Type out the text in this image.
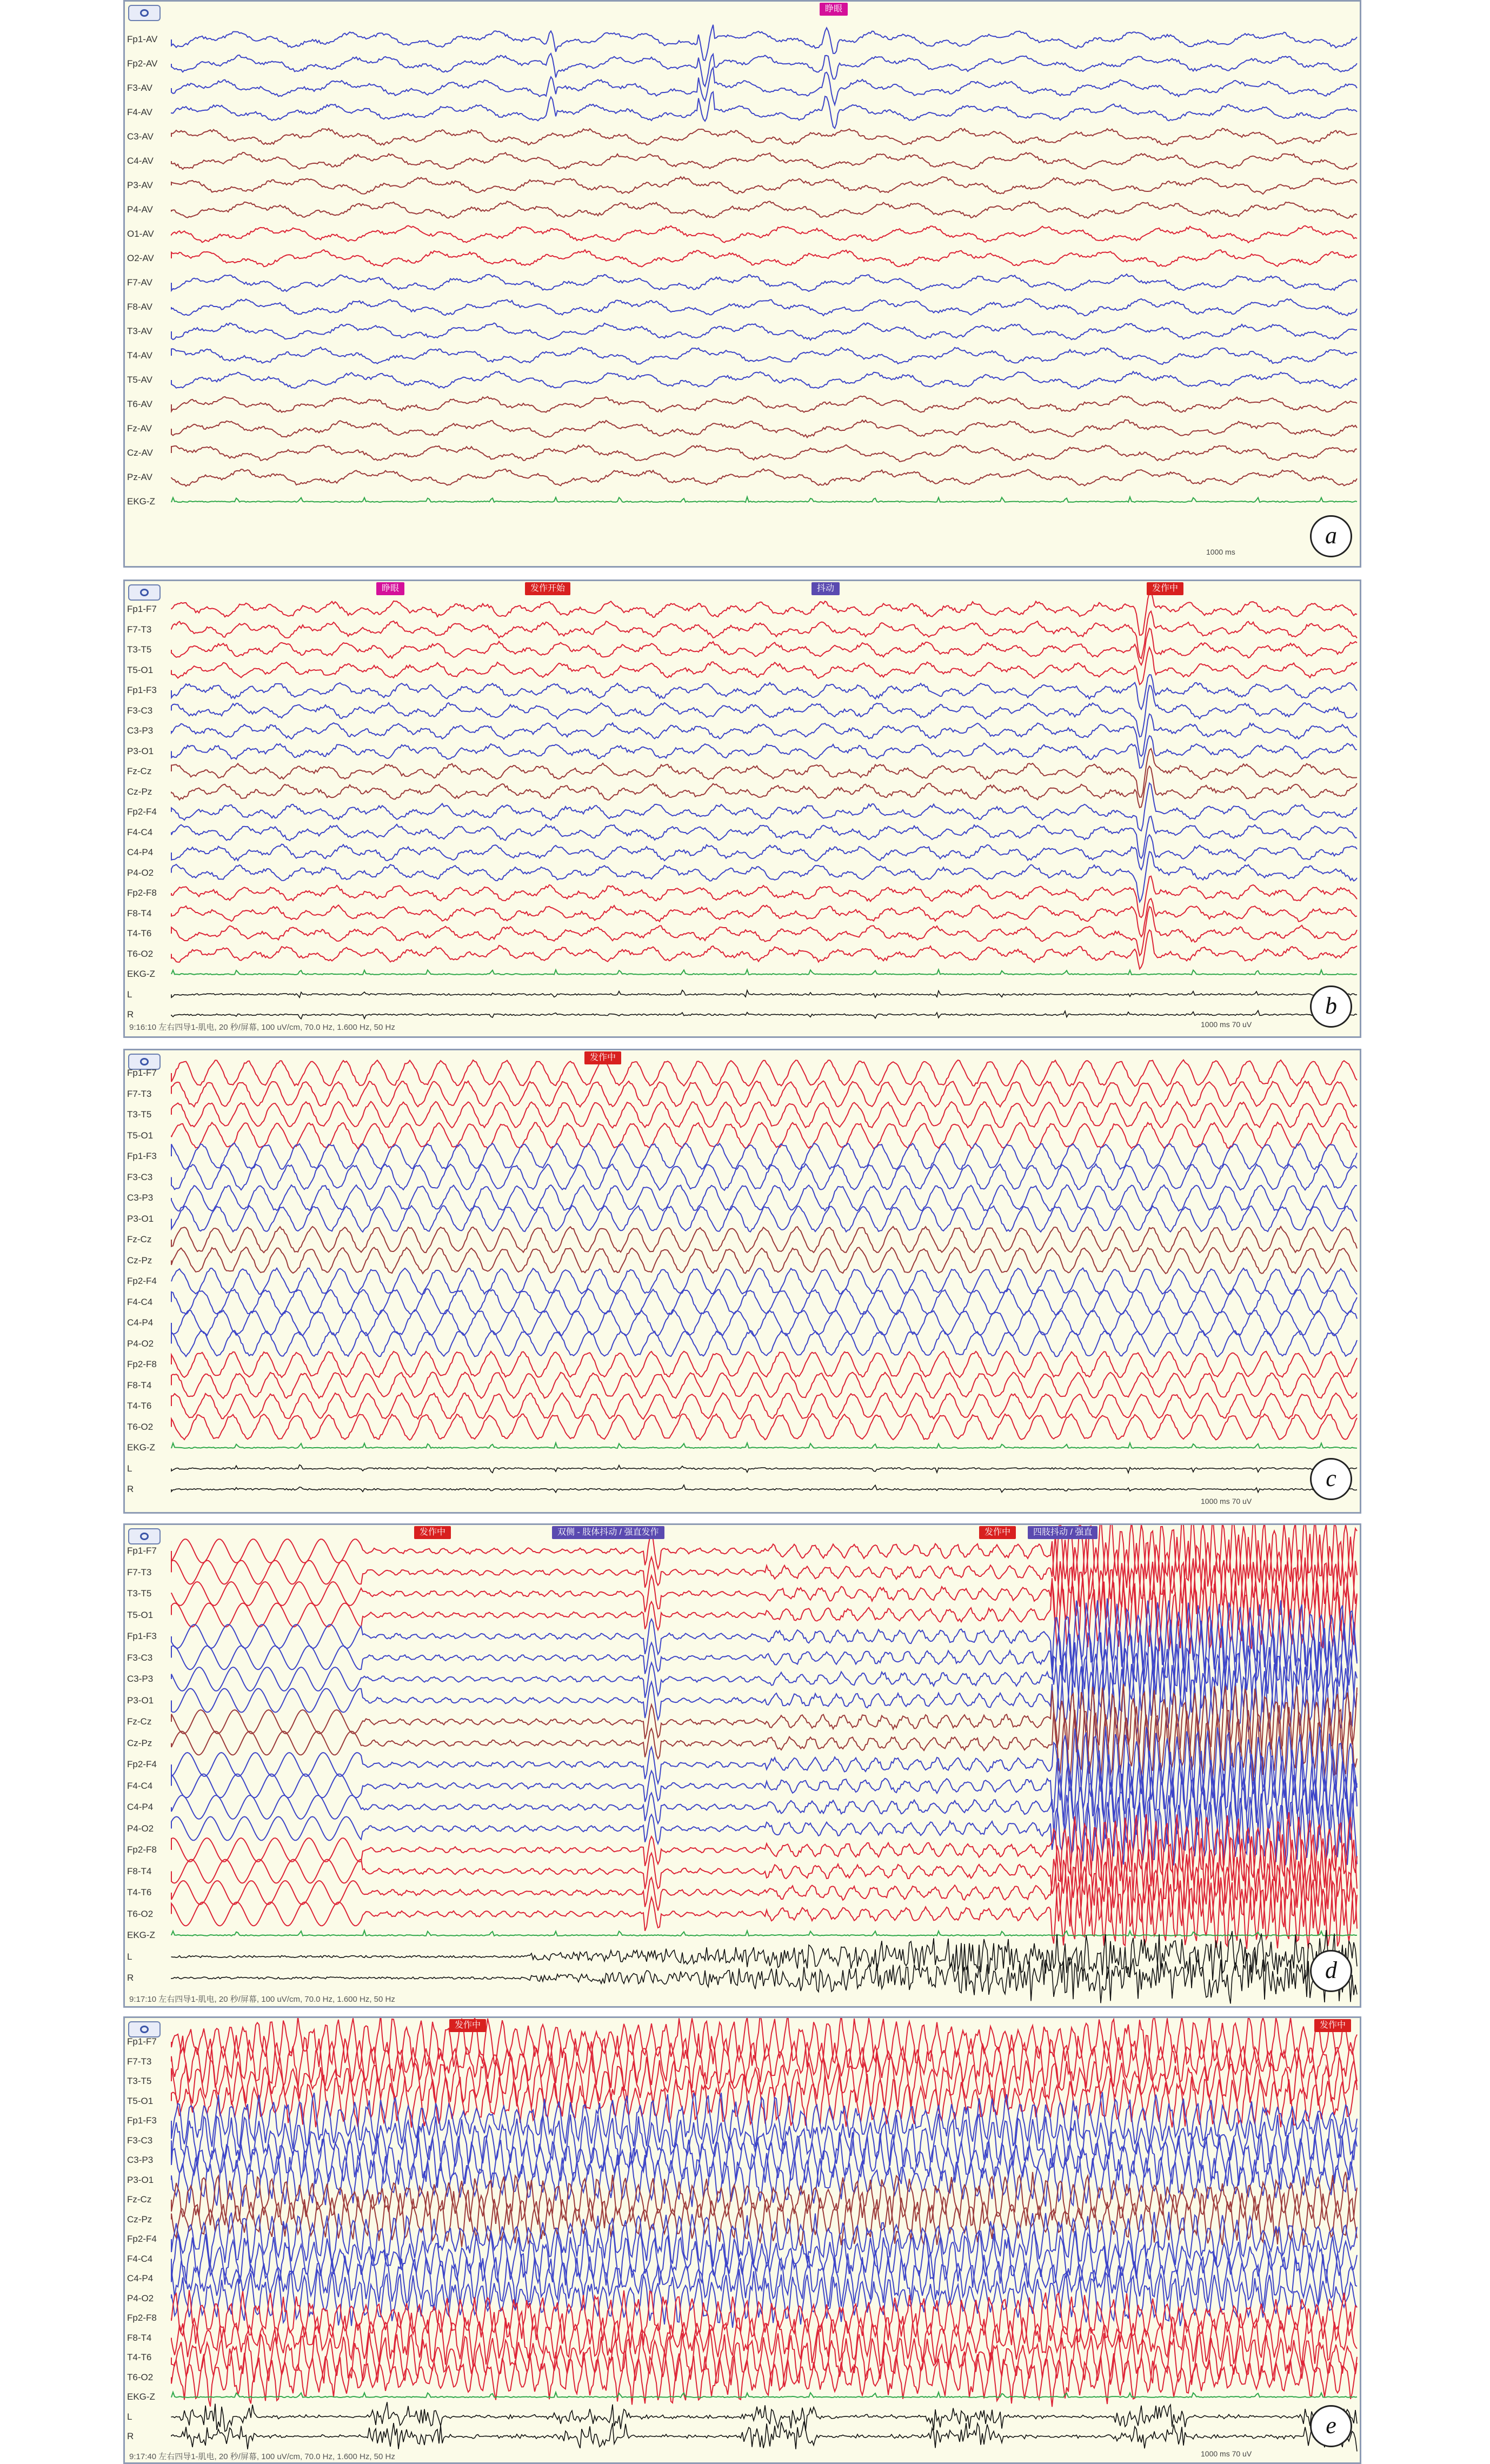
Fp1-AV
Fp2-AV
F3-AV
F4-AV
C3-AV
C4-AV
P3-AV
P4-AV
O1-AV
O2-AV
F7-AV
F8-AV
T3-AV
T4-AV
T5-AV
T6-AV
Fz-AV
Cz-AV
Pz-AV
EKG-Z
睁眼
1000 ms
a
Fp1-F7
F7-T3
T3-T5
T5-O1
Fp1-F3
F3-C3
C3-P3
P3-O1
Fz-Cz
Cz-Pz
Fp2-F4
F4-C4
C4-P4
P4-O2
Fp2-F8
F8-T4
T4-T6
T6-O2
EKG-Z
L
R
睁眼	发作开始	抖动	发作中
9:16:10 左右四导1-肌电, 20 秒/屏幕, 100 uV/cm, 70.0 Hz, 1.600 Hz, 50 Hz	1000 ms 70 uV
b
Fp1-F7
F7-T3
T3-T5
T5-O1
Fp1-F3
F3-C3
C3-P3
P3-O1
Fz-Cz
Cz-Pz
Fp2-F4
F4-C4
C4-P4
P4-O2
Fp2-F8
F8-T4
T4-T6
T6-O2
EKG-Z
L
R
发作中
1000 ms 70 uV
c
Fp1-F7
F7-T3
T3-T5
T5-O1
Fp1-F3
F3-C3
C3-P3
P3-O1
Fz-Cz
Cz-Pz
Fp2-F4
F4-C4
C4-P4
P4-O2
Fp2-F8
F8-T4
T4-T6
T6-O2
EKG-Z
L
R
发作中	双侧 - 肢体抖动 / 强直发作	发作中	四肢抖动 / 强直
9:17:10 左右四导1-肌电, 20 秒/屏幕, 100 uV/cm, 70.0 Hz, 1.600 Hz, 50 Hz
d
Fp1-F7
F7-T3
T3-T5
T5-O1
Fp1-F3
F3-C3
C3-P3
P3-O1
Fz-Cz
Cz-Pz
Fp2-F4
F4-C4
C4-P4
P4-O2
Fp2-F8
F8-T4
T4-T6
T6-O2
EKG-Z
L
R
发作中	发作中
9:17:40 左右四导1-肌电, 20 秒/屏幕, 100 uV/cm, 70.0 Hz, 1.600 Hz, 50 Hz	1000 ms 70 uV
e
